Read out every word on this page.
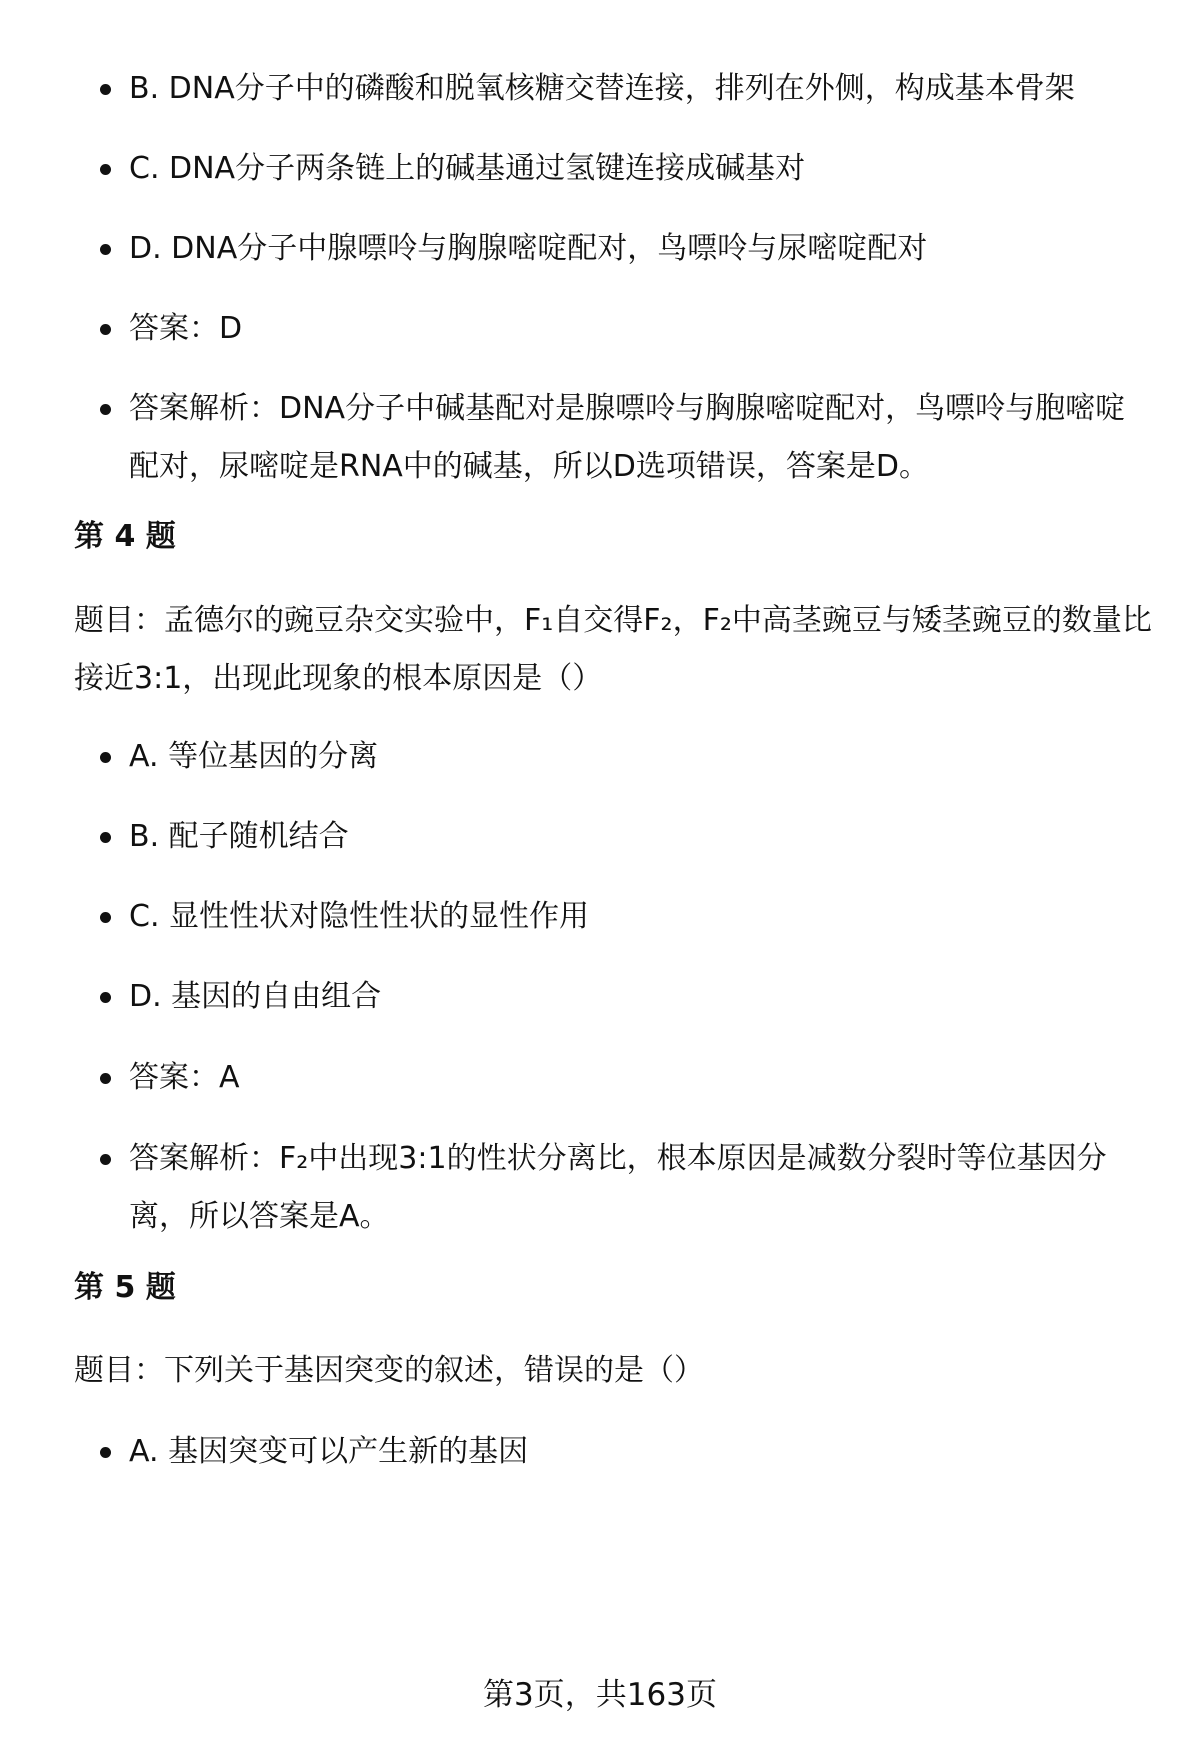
B. DNA分子中的磷酸和脱氧核糖交替连接，排列在外侧，构成基本骨架
C. DNA分子两条链上的碱基通过氢键连接成碱基对
D. DNA分子中腺嘌呤与胸腺嘧啶配对，鸟嘌呤与尿嘧啶配对
答案：D
答案解析：DNA分子中碱基配对是腺嘌呤与胸腺嘧啶配对，鸟嘌呤与胞嘧啶配对，尿嘧啶是RNA中的碱基，所以D选项错误，答案是D。
第 4 题
题目：孟德尔的豌豆杂交实验中，F₁自交得F₂，F₂中高茎豌豆与矮茎豌豆的数量比接近3:1，出现此现象的根本原因是（）
A. 等位基因的分离
B. 配子随机结合
C. 显性性状对隐性性状的显性作用
D. 基因的自由组合
答案：A
答案解析：F₂中出现3:1的性状分离比，根本原因是减数分裂时等位基因分离，所以答案是A。
第 5 题
题目：下列关于基因突变的叙述，错误的是（）
A. 基因突变可以产生新的基因
第3页，共163页
